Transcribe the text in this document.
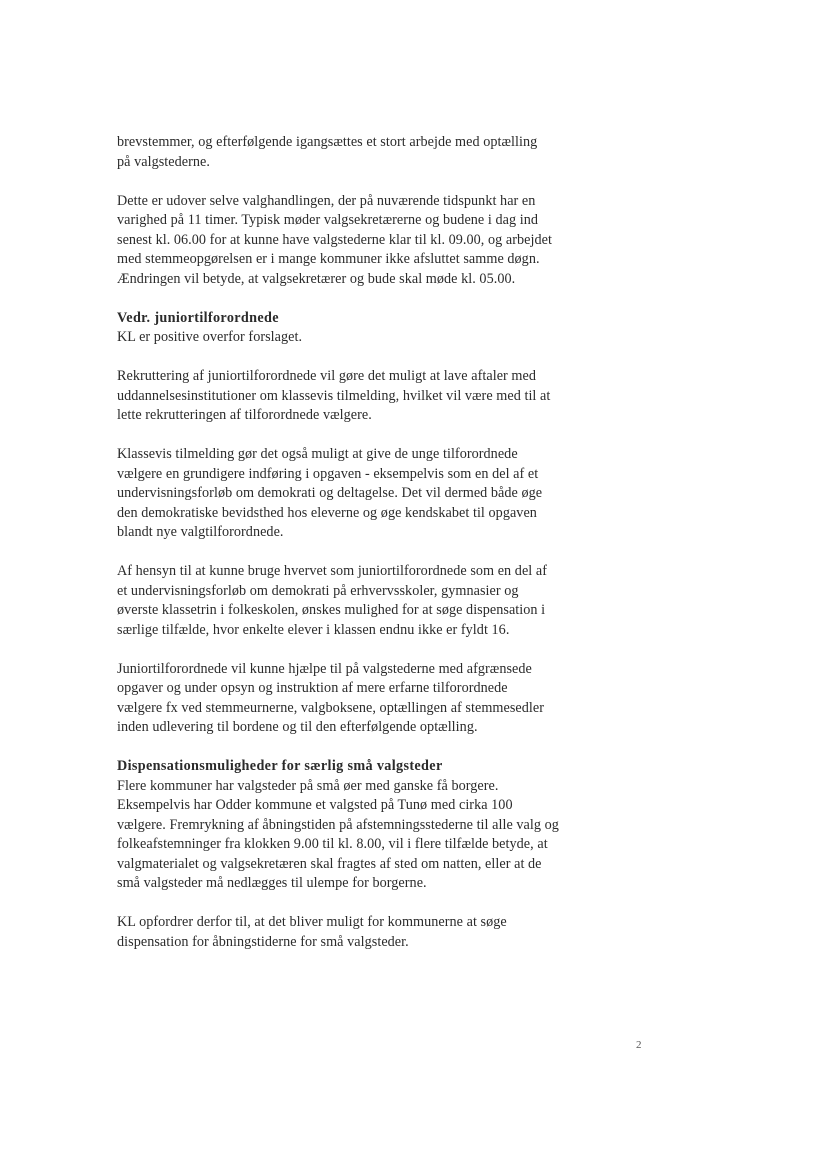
brevstemmer, og efterfølgende igangsættes et stort arbejde med optælling
på valgstederne.
Dette er udover selve valghandlingen, der på nuværende tidspunkt har en
varighed på 11 timer. Typisk møder valgsekretærerne og budene i dag ind
senest kl. 06.00 for at kunne have valgstederne klar til kl. 09.00, og arbejdet
med stemmeopgørelsen er i mange kommuner ikke afsluttet samme døgn.
Ændringen vil betyde, at valgsekretærer og bude skal møde kl. 05.00.
Vedr. juniortilforordnede
KL er positive overfor forslaget.
Rekruttering af juniortilforordnede vil gøre det muligt at lave aftaler med
uddannelsesinstitutioner om klassevis tilmelding, hvilket vil være med til at
lette rekrutteringen af tilforordnede vælgere.
Klassevis tilmelding gør det også muligt at give de unge tilforordnede
vælgere en grundigere indføring i opgaven - eksempelvis som en del af et
undervisningsforløb om demokrati og deltagelse. Det vil dermed både øge
den demokratiske bevidsthed hos eleverne og øge kendskabet til opgaven
blandt nye valgtilforordnede.
Af hensyn til at kunne bruge hvervet som juniortilforordnede som en del af
et undervisningsforløb om demokrati på erhvervsskoler, gymnasier og
øverste klassetrin i folkeskolen, ønskes mulighed for at søge dispensation i
særlige tilfælde, hvor enkelte elever i klassen endnu ikke er fyldt 16.
Juniortilforordnede vil kunne hjælpe til på valgstederne med afgrænsede
opgaver og under opsyn og instruktion af mere erfarne tilforordnede
vælgere fx ved stemmeurnerne, valgboksene, optællingen af stemmesedler
inden udlevering til bordene og til den efterfølgende optælling.
Dispensationsmuligheder for særlig små valgsteder
Flere kommuner har valgsteder på små øer med ganske få borgere.
Eksempelvis har Odder kommune et valgsted på Tunø med cirka 100
vælgere. Fremrykning af åbningstiden på afstemningsstederne til alle valg og
folkeafstemninger fra klokken 9.00 til kl. 8.00, vil i flere tilfælde betyde, at
valgmaterialet og valgsekretæren skal fragtes af sted om natten, eller at de
små valgsteder må nedlægges til ulempe for borgerne.
KL opfordrer derfor til, at det bliver muligt for kommunerne at søge
dispensation for åbningstiderne for små valgsteder.
2
